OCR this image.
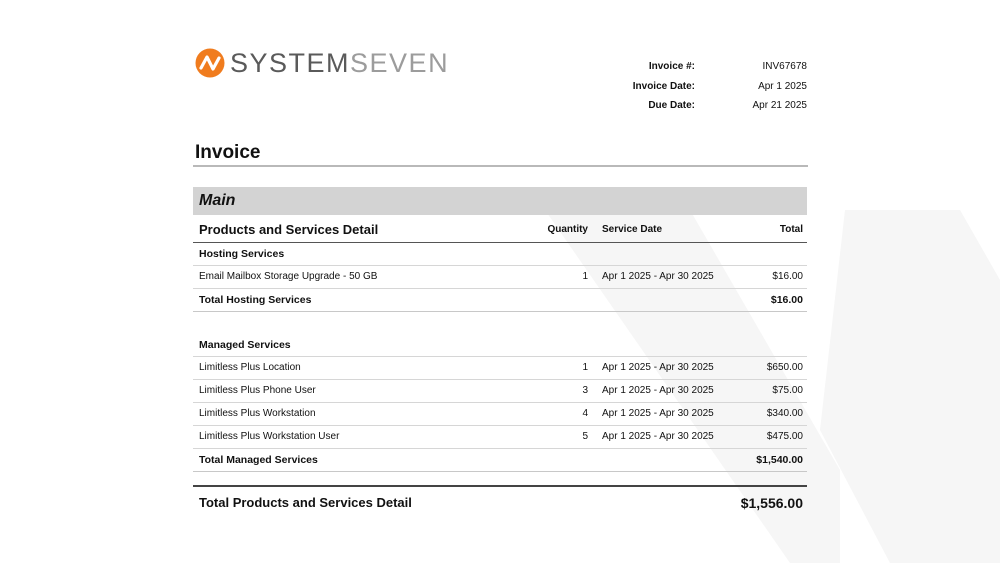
SYSTEMSEVEN	Invoice #:	INV67678
Invoice Date:	Apr 1 2025
Due Date:	Apr 21 2025
Invoice
Main
Products and Services Detail	Quantity Service Date	Total
Hosting Services
Email Mailbox Storage Upgrade - 50 GB	1 Apr 1 2025 - Apr 30 2025	$16.00
Total Hosting Services	$16.00
Managed Services
Limitless Plus Location	1 Apr 1 2025 - Apr 30 2025	$650.00
Limitless Plus Phone User	3 Apr 1 2025 - Apr 30 2025	$75.00
Limitless Plus Workstation	4 Apr 1 2025 - Apr 30 2025	$340.00
Limitless Plus Workstation User	5 Apr 1 2025 - Apr 30 2025	$475.00
Total Managed Services	$1,540.00
Total Products and Services Detail	$1,556.00
